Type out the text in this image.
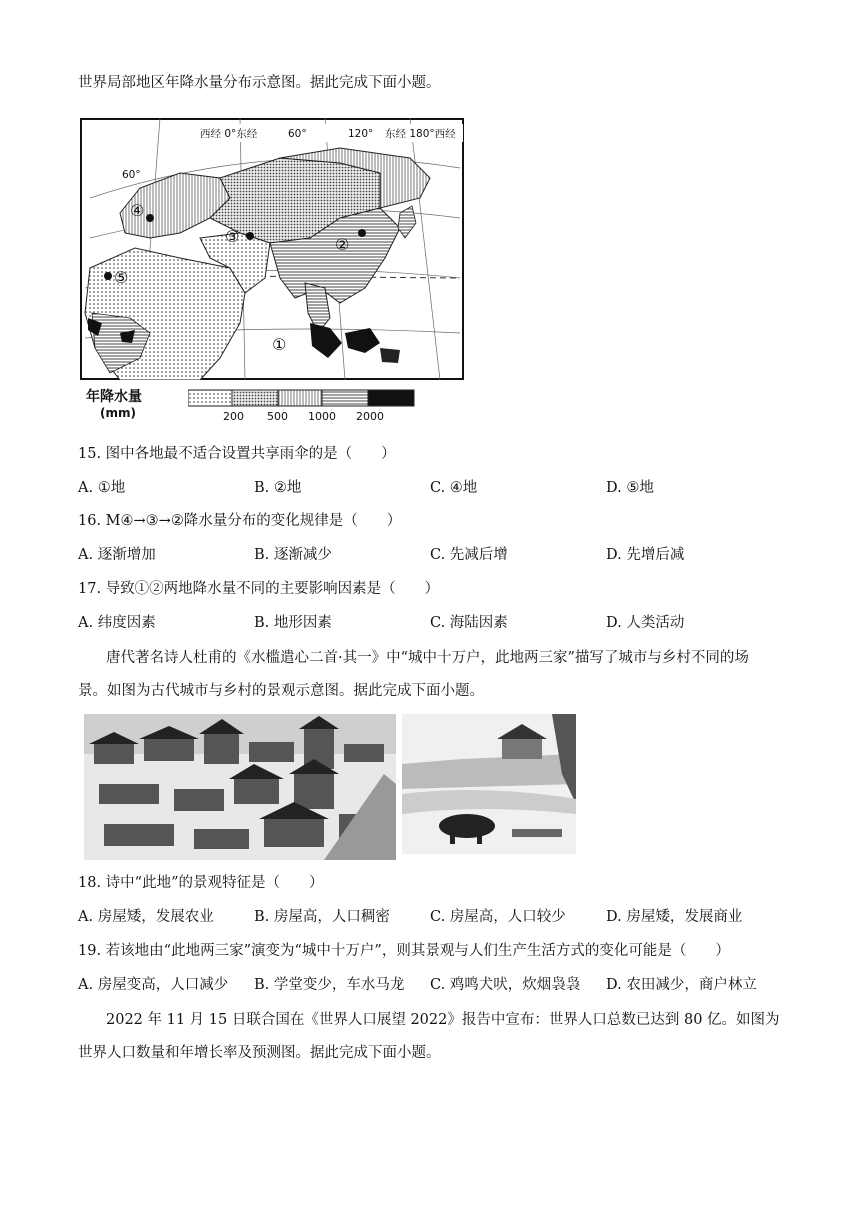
世界局部地区年降水量分布示意图。据此完成下面小题。
④
③	②
⑤
①
西经 0°东经	60°	120° 东经 180°西经
60°
年降水量
(mm)	200 500 1000 2000
15. 图中各地最不适合设置共享雨伞的是（　　）
A. ①地	B. ②地	C. ④地	D. ⑤地
16. M④→③→②降水量分布的变化规律是（　　）
A. 逐渐增加	B. 逐渐减少	C. 先减后增	D. 先增后减
17. 导致①②两地降水量不同的主要影响因素是（　　）
A. 纬度因素	B. 地形因素	C. 海陆因素	D. 人类活动
唐代著名诗人杜甫的《水槛遣心二首·其一》中“城中十万户，此地两三家”描写了城市与乡村不同的场
景。如图为古代城市与乡村的景观示意图。据此完成下面小题。
18. 诗中“此地”的景观特征是（　　）
A. 房屋矮，发展农业	B. 房屋高，人口稠密	C. 房屋高，人口较少	D. 房屋矮，发展商业
19. 若该地由“此地两三家”演变为“城中十万户”，则其景观与人们生产生活方式的变化可能是（　　）
A. 房屋变高，人口减少 B. 学堂变少，车水马龙 C. 鸡鸣犬吠，炊烟袅袅 D. 农田减少，商户林立
2022 年 11 月 15 日联合国在《世界人口展望 2022》报告中宣布：世界人口总数已达到 80 亿。如图为
世界人口数量和年增长率及预测图。据此完成下面小题。
